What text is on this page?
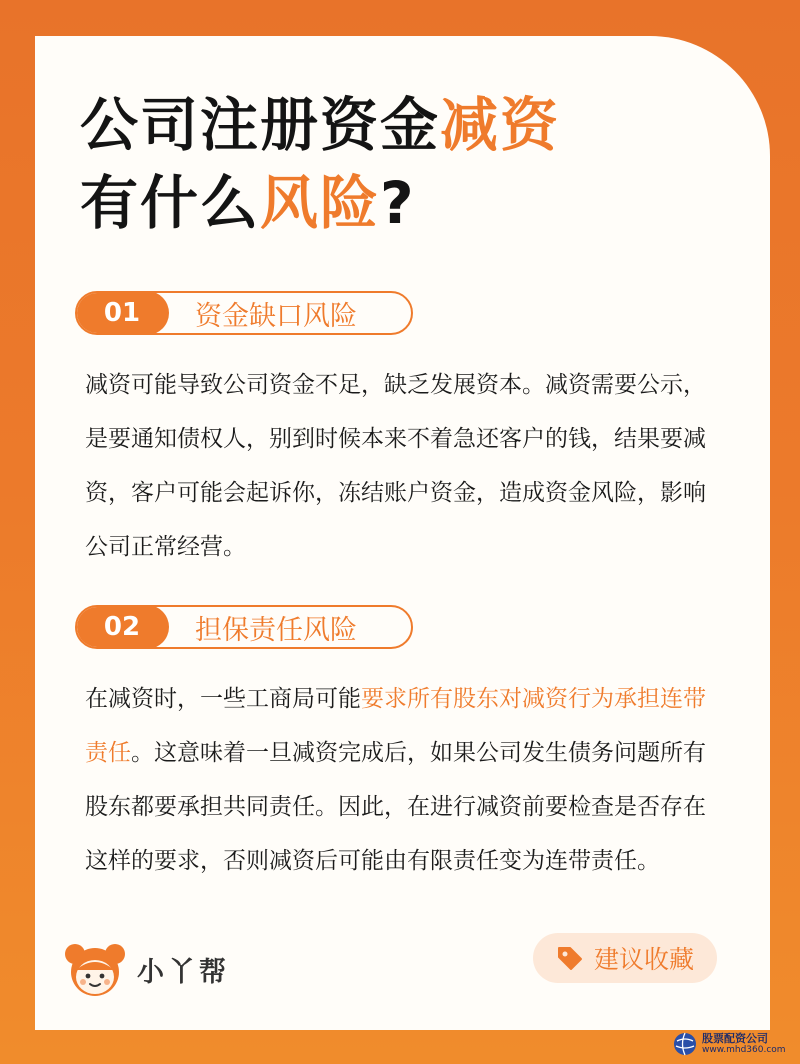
公司注册资金减资
有什么风险?
01	资金缺口风险
减资可能导致公司资金不足，缺乏发展资本。减资需要公示，是要通知债权人，别到时候本来不着急还客户的钱，结果要减资，客户可能会起诉你，冻结账户资金，造成资金风险，影响公司正常经营。
02	担保责任风险
在减资时，一些工商局可能要求所有股东对减资行为承担连带责任。这意味着一旦减资完成后，如果公司发生债务问题所有股东都要承担共同责任。因此，在进行减资前要检查是否存在这样的要求，否则减资后可能由有限责任变为连带责任。
小丫帮	建议收藏
股票配资公司
www.mhd360.com
